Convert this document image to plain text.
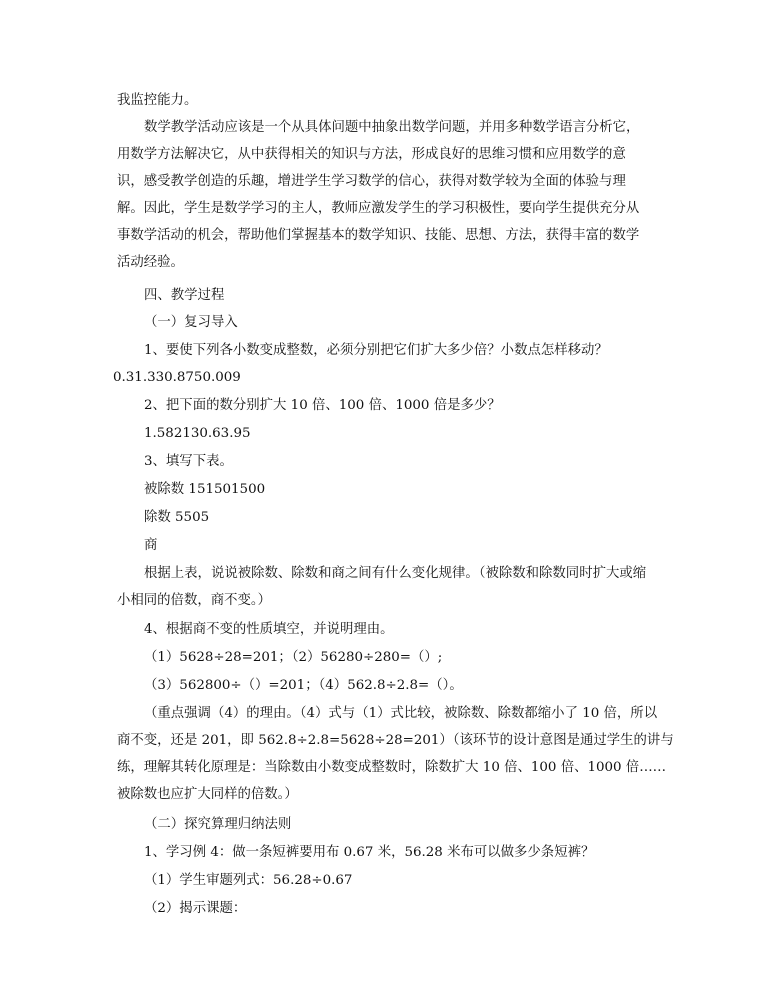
我监控能力。
数学教学活动应该是一个从具体问题中抽象出数学问题，并用多种数学语言分析它，
用数学方法解决它，从中获得相关的知识与方法，形成良好的思维习惯和应用数学的意
识，感受教学创造的乐趣，增进学生学习数学的信心，获得对数学较为全面的体验与理
解。因此，学生是数学学习的主人，教师应激发学生的学习积极性，要向学生提供充分从
事数学活动的机会，帮助他们掌握基本的数学知识、技能、思想、方法，获得丰富的数学
活动经验。
四、教学过程
（一）复习导入
1、要使下列各小数变成整数，必须分别把它们扩大多少倍？小数点怎样移动？
0.31.330.8750.009
2、把下面的数分别扩大 10 倍、100 倍、1000 倍是多少？
1.582130.63.95
3、填写下表。
被除数 151501500
除数 5505
商
根据上表，说说被除数、除数和商之间有什么变化规律。（被除数和除数同时扩大或缩
小相同的倍数，商不变。）
4、根据商不变的性质填空，并说明理由。
（1）5628÷28=201；（2）56280÷280=（）;
（3）562800÷（）=201；（4）562.8÷2.8=（）。
（重点强调（4）的理由。（4）式与（1）式比较，被除数、除数都缩小了 10 倍，所以
商不变，还是 201，即 562.8÷2.8=5628÷28=201）（该环节的设计意图是通过学生的讲与
练，理解其转化原理是：当除数由小数变成整数时，除数扩大 10 倍、100 倍、1000 倍……
被除数也应扩大同样的倍数。）
（二）探究算理归纳法则
1、学习例 4：做一条短裤要用布 0.67 米，56.28 米布可以做多少条短裤？
（1）学生审题列式：56.28÷0.67
（2）揭示课题：
